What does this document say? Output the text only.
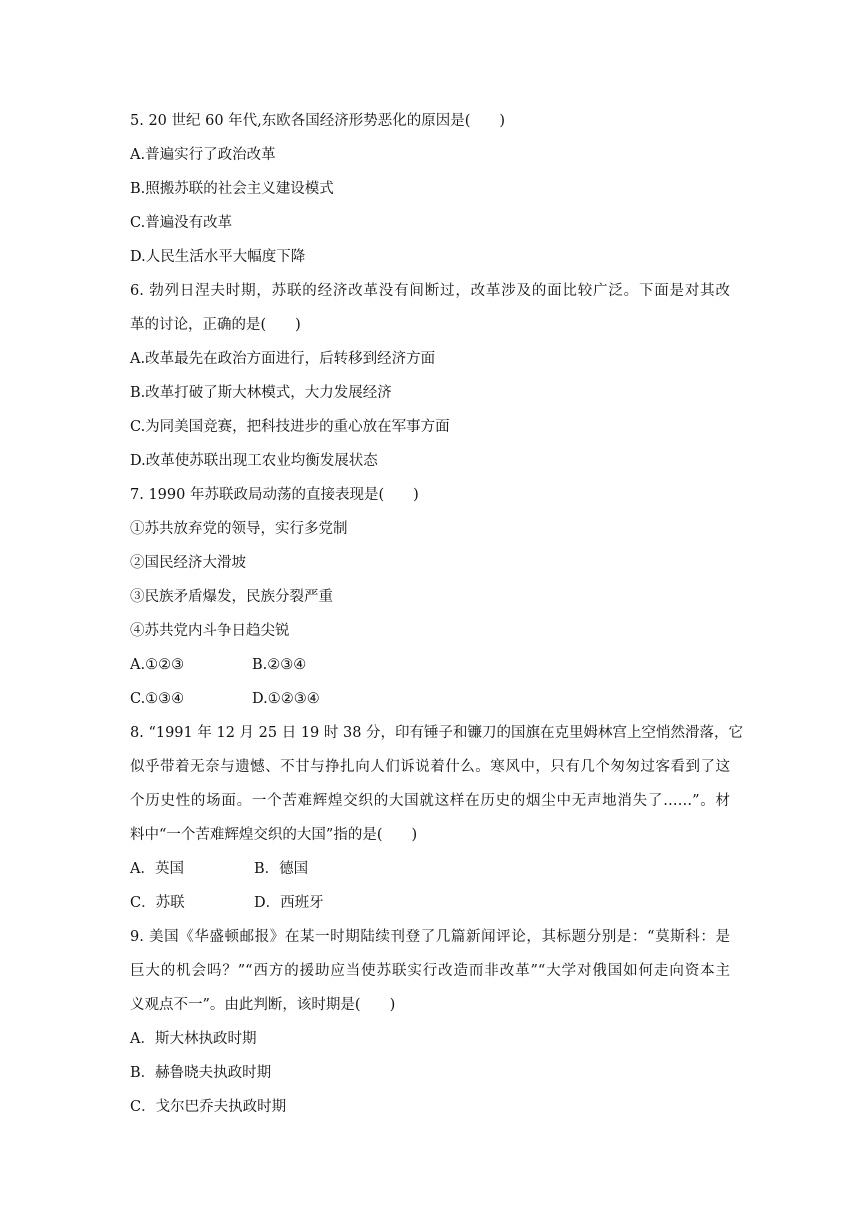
5. 20 世纪 60 年代,东欧各国经济形势恶化的原因是(　　)
A.普遍实行了政治改革
B.照搬苏联的社会主义建设模式
C.普遍没有改革
D.人民生活水平大幅度下降
6. 勃列日涅夫时期，苏联的经济改革没有间断过，改革涉及的面比较广泛。下面是对其改
革的讨论，正确的是(　　)
A.改革最先在政治方面进行，后转移到经济方面
B.改革打破了斯大林模式，大力发展经济
C.为同美国竞赛，把科技进步的重心放在军事方面
D.改革使苏联出现工农业均衡发展状态
7. 1990 年苏联政局动荡的直接表现是(　　)
①苏共放弃党的领导，实行多党制
②国民经济大滑坡
③民族矛盾爆发，民族分裂严重
④苏共党内斗争日趋尖锐
A.①②③	B.②③④
C.①③④	D.①②③④
8. “1991 年 12 月 25 日 19 时 38 分，印有锤子和镰刀的国旗在克里姆林宫上空悄然滑落，它
似乎带着无奈与遗憾、不甘与挣扎向人们诉说着什么。寒风中，只有几个匆匆过客看到了这
个历史性的场面。一个苦难辉煌交织的大国就这样在历史的烟尘中无声地消失了……”。材
料中“一个苦难辉煌交织的大国”指的是(　　)
A．英国	B．德国
C．苏联	D．西班牙
9. 美国《华盛顿邮报》在某一时期陆续刊登了几篇新闻评论，其标题分别是：“莫斯科：是
巨大的机会吗？”“西方的援助应当使苏联实行改造而非改革”“大学对俄国如何走向资本主
义观点不一”。由此判断，该时期是(　　)
A．斯大林执政时期
B．赫鲁晓夫执政时期
C．戈尔巴乔夫执政时期
